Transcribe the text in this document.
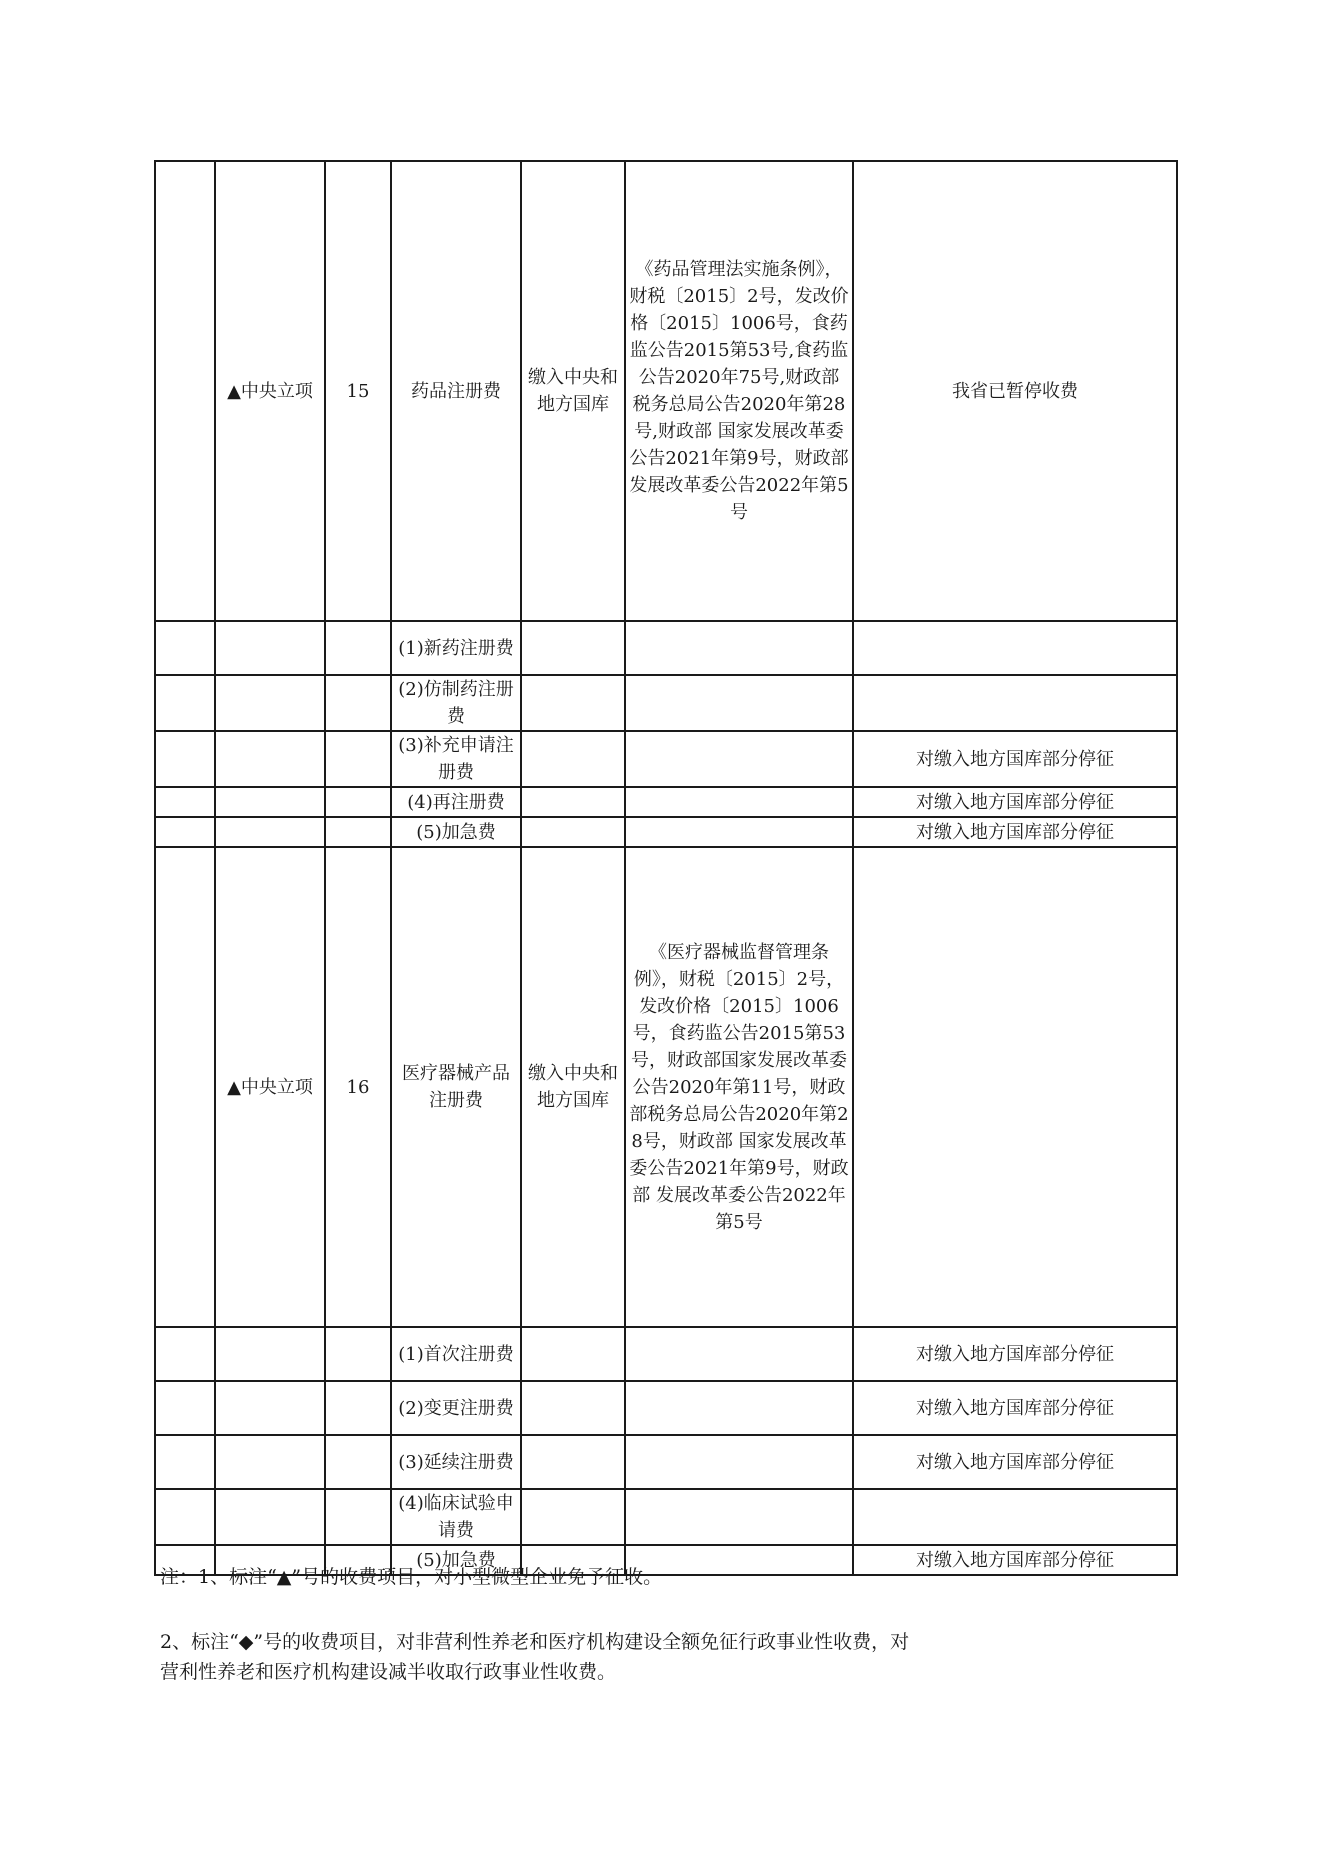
	▲中央立项	15	药品注册费	缴入中央和地方国库	《药品管理法实施条例》，财税〔2015〕2号，发改价格〔2015〕1006号，食药监公告2015第53号,食药监公告2020年75号,财政部 税务总局公告2020年第28号,财政部 国家发展改革委公告2021年第9号，财政部 发展改革委公告2022年第5号	我省已暂停收费
			(1)新药注册费			
			(2)仿制药注册费			
			(3)补充申请注册费			对缴入地方国库部分停征
			(4)再注册费			对缴入地方国库部分停征
			(5)加急费			对缴入地方国库部分停征
	▲中央立项	16	医疗器械产品注册费	缴入中央和地方国库	《医疗器械监督管理条例》，财税〔2015〕2号，发改价格〔2015〕1006号，食药监公告2015第53号，财政部国家发展改革委公告2020年第11号，财政部税务总局公告2020年第28号，财政部 国家发展改革委公告2021年第9号，财政部 发展改革委公告2022年第5号	
			(1)首次注册费			对缴入地方国库部分停征
			(2)变更注册费			对缴入地方国库部分停征
			(3)延续注册费			对缴入地方国库部分停征
			(4)临床试验申请费			
			(5)加急费			对缴入地方国库部分停征
注：1、标注“▲”号的收费项目，对小型微型企业免予征收。
2、标注“◆”号的收费项目，对非营利性养老和医疗机构建设全额免征行政事业性收费，对
营利性养老和医疗机构建设减半收取行政事业性收费。
